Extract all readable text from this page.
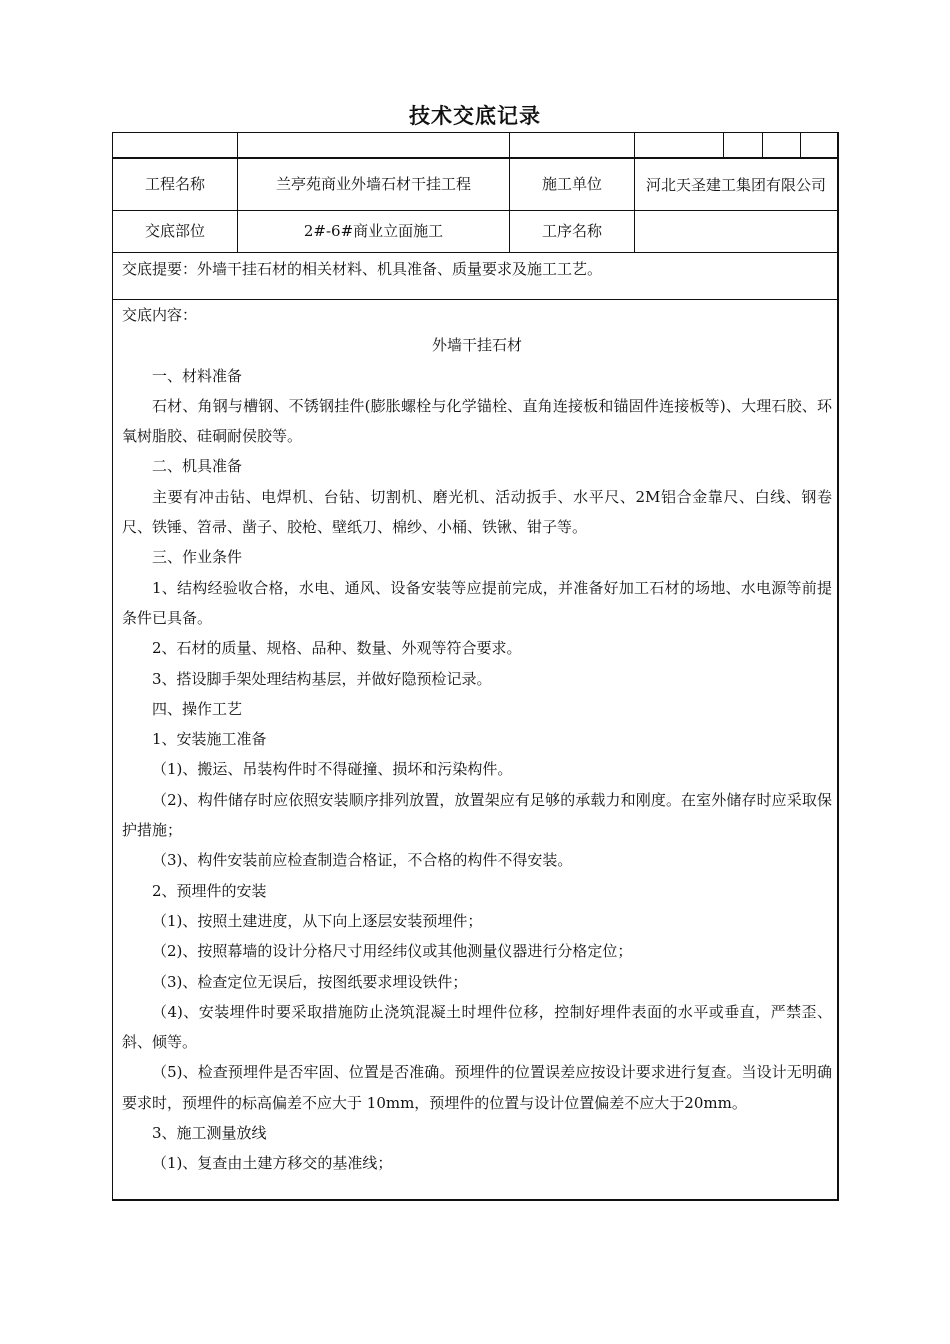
技术交底记录
工程名称	兰亭苑商业外墙石材干挂工程	施工单位	河北天圣建工集团有限公司
交底部位	2#-6#商业立面施工	工序名称
交底提要：外墙干挂石材的相关材料、机具准备、质量要求及施工工艺。

交底内容：

外墙干挂石材

一、材料准备

石材、角钢与槽钢、不锈钢挂件(膨胀螺栓与化学锚栓、直角连接板和锚固件连接板等)、大理石胶、环氧树脂胶、硅硐耐侯胶等。

二、机具准备

主要有冲击钻、电焊机、台钻、切割机、磨光机、活动扳手、水平尺、2M铝合金靠尺、白线、钢卷尺、铁锤、笤帚、凿子、胶枪、壁纸刀、棉纱、小桶、铁锹、钳子等。

三、作业条件

1、结构经验收合格，水电、通风、设备安装等应提前完成，并准备好加工石材的场地、水电源等前提条件已具备。

2、石材的质量、规格、品种、数量、外观等符合要求。

3、搭设脚手架处理结构基层，并做好隐预检记录。

四、操作工艺

1、安装施工准备

（1)、搬运、吊装构件时不得碰撞、损坏和污染构件。

（2)、构件储存时应依照安装顺序排列放置，放置架应有足够的承载力和刚度。在室外储存时应采取保护措施；

（3)、构件安装前应检查制造合格证，不合格的构件不得安装。

2、预埋件的安装

（1)、按照土建进度，从下向上逐层安装预埋件；

（2)、按照幕墙的设计分格尺寸用经纬仪或其他测量仪器进行分格定位；

（3)、检查定位无误后，按图纸要求埋设铁件；

（4)、安装埋件时要采取措施防止浇筑混凝土时埋件位移，控制好埋件表面的水平或垂直，严禁歪、斜、倾等。

（5)、检查预埋件是否牢固、位置是否准确。预埋件的位置误差应按设计要求进行复查。当设计无明确要求时，预埋件的标高偏差不应大于 10mm，预埋件的位置与设计位置偏差不应大于20mm。

3、施工测量放线

（1)、复查由土建方移交的基准线；
